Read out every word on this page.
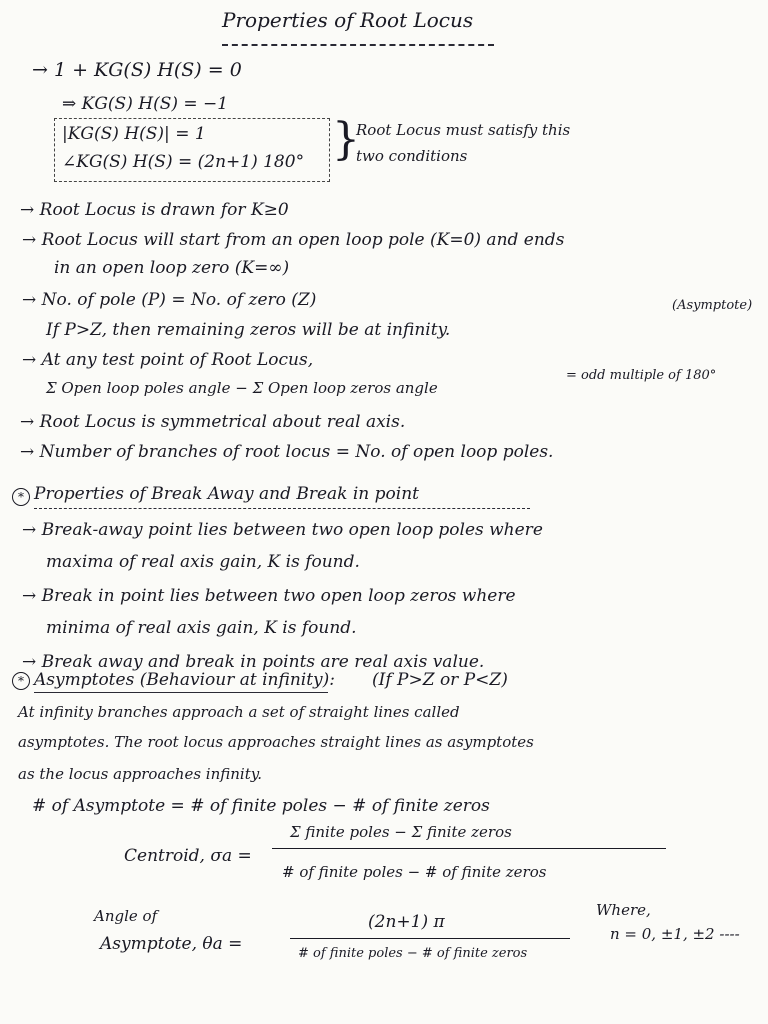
Properties of Root Locus
→ 1 + KG(S) H(S) = 0
⇒ KG(S) H(S) = −1
|KG(S) H(S)| = 1
∠KG(S) H(S) = (2n+1) 180° }
Root Locus must satisfy this
two conditions
→ Root Locus is drawn for K≥0
→ Root Locus will start from an open loop pole (K=0) and ends
in an open loop zero (K=∞)
→ No. of pole (P) = No. of zero (Z)
If P>Z, then remaining zeros will be at infinity.
(Asymptote)
→ At any test point of Root Locus,
Σ Open loop poles angle − Σ Open loop zeros angle
= odd multiple of 180°
→ Root Locus is symmetrical about real axis.
→ Number of branches of root locus = No. of open loop poles.
* Properties of Break Away and Break in point
→ Break-away point lies between two open loop poles where
maxima of real axis gain, K is found.
→ Break in point lies between two open loop zeros where
minima of real axis gain, K is found.
→ Break away and break in points are real axis value.
* Asymptotes (Behaviour at infinity): (If P>Z or P<Z)
At infinity branches approach a set of straight lines called
asymptotes. The root locus approaches straight lines as asymptotes
as the locus approaches infinity.
# of Asymptote = # of finite poles − # of finite zeros
Centroid, σa =
Σ finite poles − Σ finite zeros
# of finite poles − # of finite zeros
Angle of
Asymptote, θa =
(2n+1) π
# of finite poles − # of finite zeros
Where,
n = 0, ±1, ±2 ----
